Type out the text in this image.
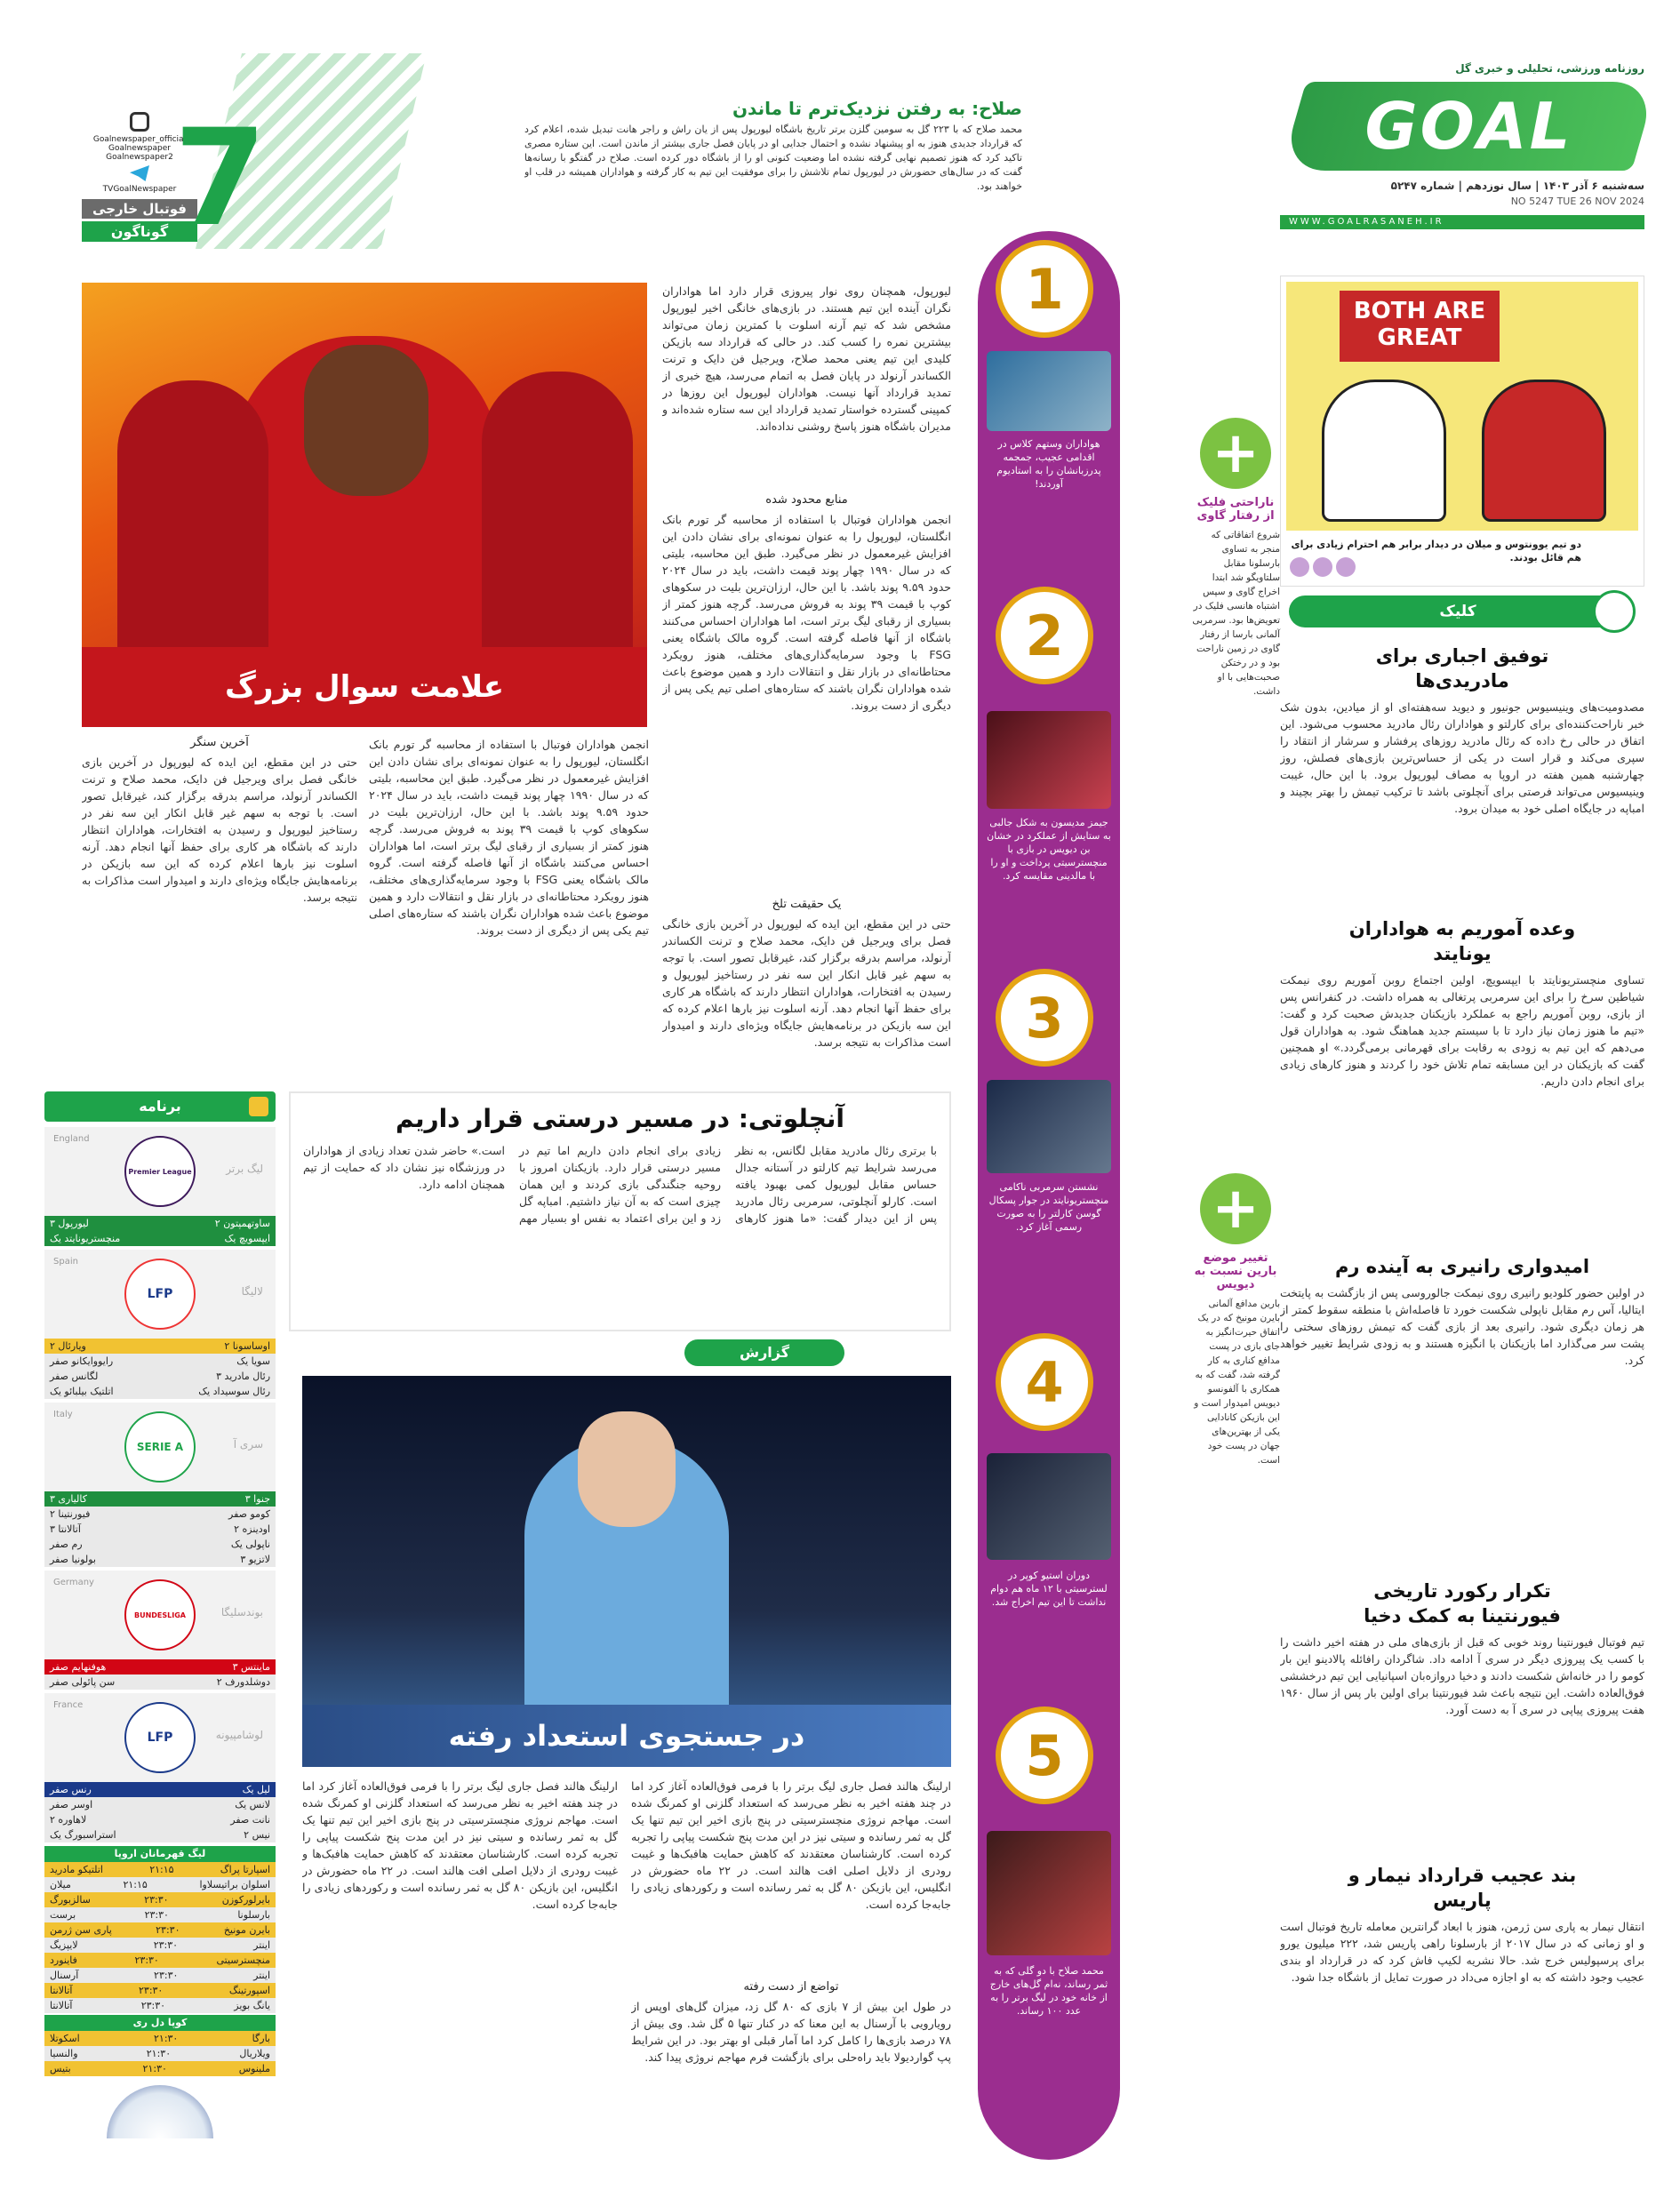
روزنامه ورزشی، تحلیلی و خبری گل
GOAL
سه‌شنبه ۶ آذر ۱۴۰۳ | سال نوزدهم | شماره ۵۲۴۷
NO 5247 TUE 26 NOV 2024
WWW.GOALRASANEH.IR
صلاح: به رفتن نزدیک‌ترم تا ماندن
محمد صلاح که با ۲۲۳ گل به سومین گلزن برتر تاریخ باشگاه لیورپول پس از یان راش و راجر هانت تبدیل شده، اعلام کرد که قرارداد جدیدی هنوز به او پیشنهاد نشده و احتمال جدایی او در پایان فصل جاری بیشتر از ماندن است. این ستاره مصری تاکید کرد که هنوز تصمیم نهایی گرفته نشده اما وضعیت کنونی او را از باشگاه دور کرده است. صلاح در گفتگو با رسانه‌ها گفت که در سال‌های حضورش در لیورپول تمام تلاشش را برای موفقیت این تیم به کار گرفته و هواداران همیشه در قلب او خواهند بود.
Goalnewspaper_official
Goalnewspaper
Goalnewspaper2
TVGoalNewspaper
فوتبال خارجی
گوناگون 7
BOTH ARE GREAT
دو تیم یوونتوس و میلان در دیدار برابر هم احترام زیادی برای هم قائل بودند.
کلیک
توفیق اجباری برای مادریدی‌ها
مصدومیت‌های وینیسیوس جونیور و دیوید سه‌هفته‌ای او از میادین، بدون شک خبر ناراحت‌کننده‌ای برای کارلتو و هواداران رئال مادرید محسوب می‌شود. این اتفاق در حالی رخ داده که رئال مادرید روزهای پرفشار و سرشار از انتقاد را سپری می‌کند و قرار است در یکی از حساس‌ترین بازی‌های فصلش، روز چهارشنبه همین هفته در اروپا به مصاف لیورپول برود. با این حال، غیبت وینیسیوس می‌تواند فرصتی برای آنچلوتی باشد تا ترکیب تیمش را بهتر بچیند و امباپه در جایگاه اصلی خود به میدان برود.
وعده آموریم به هواداران یونایتد
تساوی منچستریونایتد با ایپسویچ، اولین اجتماع روبن آموریم روی نیمکت شیاطین سرخ را برای این سرمربی پرتغالی به همراه داشت. در کنفرانس پس از بازی، روبن آموریم راجع به عملکرد بازیکنان جدیدش صحبت کرد و گفت: «تیم ما هنوز زمان نیاز دارد تا با سیستم جدید هماهنگ شود. به هواداران قول می‌دهم که این تیم به زودی به رقابت برای قهرمانی برمی‌گردد.» او همچنین گفت که بازیکنان در این مسابقه تمام تلاش خود را کردند و هنوز کارهای زیادی برای انجام دادن داریم.
امیدواری رانیری به آینده رم
در اولین حضور کلودیو رانیری روی نیمکت جالوروسی پس از بازگشت به پایتخت ایتالیا، آس رم مقابل ناپولی شکست خورد تا فاصله‌اش با منطقه سقوط کمتر از هر زمان دیگری شود. رانیری بعد از بازی گفت که تیمش روزهای سختی را پشت سر می‌گذارد اما بازیکنان با انگیزه هستند و به زودی شرایط تغییر خواهد کرد.
تکرار رکورد تاریخی فیورنتینا به کمک دخیا
تیم فوتبال فیورنتینا روند خوبی که قبل از بازی‌های ملی در هفته اخیر داشت را با کسب یک پیروزی دیگر در سری آ ادامه داد. شاگردان رافائله پالادینو این بار کومو را در خانه‌اش شکست دادند و دخیا دروازه‌بان اسپانیایی این تیم درخششی فوق‌العاده داشت. این نتیجه باعث شد فیورنتینا برای اولین بار پس از سال ۱۹۶۰ هفت پیروزی پیاپی در سری آ به دست آورد.
بند عجیب قرارداد نیمار و پاریس
انتقال نیمار به پاری سن ژرمن، هنوز با ابعاد گرانترین معامله تاریخ فوتبال است و او زمانی که در سال ۲۰۱۷ از بارسلونا راهی پاریس شد، ۲۲۲ میلیون یورو برای پرسپولیس خرج شد. حالا نشریه لکیپ فاش کرد که در قرارداد او بندی عجیب وجود داشته که به او اجازه می‌داد در صورت تمایل از باشگاه جدا شود.
1
هواداران وستهم کلاس در اقدامی عجیب، جمجمه پدرزبانشان را به استادیوم آوردند!
2
جیمز مدیسون به شکل جالبی به ستایش از عملکرد در خشان بن دیویس در بازی با منچسترسیتی پرداخت و او را با مالدینی مقایسه کرد.
3
نشستن سرمربی ناکامی منچستریونایتد در جوار پسکال گوسن کارلتر را به صورت رسمی آغاز کرد.
4
دوران استیو کوپر در لسترسیتی با ۱۲ ماه هم دوام نداشت تا این تیم اخراج شد.
5
محمد صلاح با دو گلی که به ثمر رساند، نه‌ام گل‌های خارج از خانه خود در لیگ برتر را به عدد ۱۰۰ رساند.
+
ناراحتی فلیک از رفتار گاوی
شروع اتفاقاتی که منجر به تساوی بارسلونا مقابل سلتاویگو شد ابتدا اخراج گاوی و سپس اشتباه هانسی فلیک در تعویض‌ها بود. سرمربی آلمانی بارسا از رفتار گاوی در زمین ناراحت بود و در رختکن صحبت‌هایی با او داشت.
+
تغییر موضع بارین نسبت به دیویس
بارین مدافع آلمانی بایرن مونیخ که در یک اتفاق حیرت‌انگیز به جای بازی در پست مدافع کناری به کار گرفته شد، گفت که به همکاری با آلفونسو دیویس امیدوار است و این بازیکن کانادایی یکی از بهترین‌های جهان در پست خود است.
علامت سوال بزرگ
لیورپول، همچنان روی نوار پیروزی قرار دارد اما هواداران نگران آینده این تیم هستند. در بازی‌های خانگی اخیر لیورپول مشخص شد که تیم آرنه اسلوت با کمترین زمان می‌تواند بیشترین نمره را کسب کند. در حالی که قرارداد سه بازیکن کلیدی این تیم یعنی محمد صلاح، ویرجیل فن دایک و ترنت الکساندر آرنولد در پایان فصل به اتمام می‌رسد، هیچ خبری از تمدید قرارداد آنها نیست. هواداران لیورپول این روزها در کمپینی گسترده خواستار تمدید قرارداد این سه ستاره شده‌اند و مدیران باشگاه هنوز پاسخ روشنی نداده‌اند.
منابع محدود شده
انجمن هواداران فوتبال با استفاده از محاسبه گر تورم بانک انگلستان، لیورپول را به عنوان نمونه‌ای برای نشان دادن این افزایش غیرمعمول در نظر می‌گیرد. طبق این محاسبه، بلیتی که در سال ۱۹۹۰ چهار پوند قیمت داشت، باید در سال ۲۰۲۴ حدود ۹.۵۹ پوند باشد. با این حال، ارزان‌ترین بلیت در سکوهای کوپ با قیمت ۳۹ پوند به فروش می‌رسد. گرچه هنوز کمتر از بسیاری از رقبای لیگ برتر است، اما هواداران احساس می‌کنند باشگاه از آنها فاصله گرفته است. گروه مالک باشگاه یعنی FSG با وجود سرمایه‌گذاری‌های مختلف، هنوز رویکرد محتاطانه‌ای در بازار نقل و انتقالات دارد و همین موضوع باعث شده هواداران نگران باشند که ستاره‌های اصلی تیم یکی پس از دیگری از دست بروند.
یک حقیقت تلخ
حتی در این مقطع، این ایده که لیورپول در آخرین بازی خانگی فصل برای ویرجیل فن دایک، محمد صلاح و ترنت الکساندر آرنولد، مراسم بدرقه برگزار کند، غیرقابل تصور است. با توجه به سهم غیر قابل انکار این سه نفر در رستاخیز لیورپول و رسیدن به افتخارات، هواداران انتظار دارند که باشگاه هر کاری برای حفظ آنها انجام دهد. آرنه اسلوت نیز بارها اعلام کرده که این سه بازیکن در برنامه‌هایش جایگاه ویژه‌ای دارند و امیدوار است مذاکرات به نتیجه برسد.
انجمن هواداران فوتبال با استفاده از محاسبه گر تورم بانک انگلستان، لیورپول را به عنوان نمونه‌ای برای نشان دادن این افزایش غیرمعمول در نظر می‌گیرد. طبق این محاسبه، بلیتی که در سال ۱۹۹۰ چهار پوند قیمت داشت، باید در سال ۲۰۲۴ حدود ۹.۵۹ پوند باشد. با این حال، ارزان‌ترین بلیت در سکوهای کوپ با قیمت ۳۹ پوند به فروش می‌رسد. گرچه هنوز کمتر از بسیاری از رقبای لیگ برتر است، اما هواداران احساس می‌کنند باشگاه از آنها فاصله گرفته است. گروه مالک باشگاه یعنی FSG با وجود سرمایه‌گذاری‌های مختلف، هنوز رویکرد محتاطانه‌ای در بازار نقل و انتقالات دارد و همین موضوع باعث شده هواداران نگران باشند که ستاره‌های اصلی تیم یکی پس از دیگری از دست بروند.
آخرین سنگر
حتی در این مقطع، این ایده که لیورپول در آخرین بازی خانگی فصل برای ویرجیل فن دایک، محمد صلاح و ترنت الکساندر آرنولد، مراسم بدرقه برگزار کند، غیرقابل تصور است. با توجه به سهم غیر قابل انکار این سه نفر در رستاخیز لیورپول و رسیدن به افتخارات، هواداران انتظار دارند که باشگاه هر کاری برای حفظ آنها انجام دهد. آرنه اسلوت نیز بارها اعلام کرده که این سه بازیکن در برنامه‌هایش جایگاه ویژه‌ای دارند و امیدوار است مذاکرات به نتیجه برسد.
آنچلوتی: در مسیر درستی قرار داریم
با برتری رئال مادرید مقابل لگانس، به نظر می‌رسد شرایط تیم کارلتو در آستانه جدال حساس مقابل لیورپول کمی بهبود یافته است. کارلو آنچلوتی، سرمربی رئال مادرید پس از این دیدار گفت: «ما هنوز کارهای زیادی برای انجام دادن داریم اما تیم در مسیر درستی قرار دارد. بازیکنان امروز با روحیه جنگندگی بازی کردند و این همان چیزی است که به آن نیاز داشتیم. امباپه گل زد و این برای اعتماد به نفس او بسیار مهم است.» حاضر شدن تعداد زیادی از هواداران در ورزشگاه نیز نشان داد که حمایت از تیم همچنان ادامه دارد.
گزارش
در جستجوی استعداد رفته
ارلینگ هالند فصل جاری لیگ برتر را با فرمی فوق‌العاده آغاز کرد اما در چند هفته اخیر به نظر می‌رسد که استعداد گلزنی او کمرنگ شده است. مهاجم نروژی منچسترسیتی در پنج بازی اخیر این تیم تنها یک گل به ثمر رسانده و سیتی نیز در این مدت پنج شکست پیاپی را تجربه کرده است. کارشناسان معتقدند که کاهش حمایت هافبک‌ها و غیبت رودری از دلایل اصلی افت هالند است. در ۲۲ ماه حضورش در انگلیس، این بازیکن ۸۰ گل به ثمر رسانده است و رکوردهای زیادی را جابه‌جا کرده است.
تواضع از دست رفته
در طول این بیش از ۷ بازی که ۸۰ گل زد، میزان گل‌های اوپس از رویارویی با آرسنال به این معنا که در کنار تنها ۵ گل شد. وی بیش از ۷۸ درصد بازی‌ها را کامل کرد اما آمار قبلی او بهتر بود. در این شرایط پپ گواردیولا باید راه‌حلی برای بازگشت فرم مهاجم نروژی پیدا کند.
ارلینگ هالند فصل جاری لیگ برتر را با فرمی فوق‌العاده آغاز کرد اما در چند هفته اخیر به نظر می‌رسد که استعداد گلزنی او کمرنگ شده است. مهاجم نروژی منچسترسیتی در پنج بازی اخیر این تیم تنها یک گل به ثمر رسانده و سیتی نیز در این مدت پنج شکست پیاپی را تجربه کرده است. کارشناسان معتقدند که کاهش حمایت هافبک‌ها و غیبت رودری از دلایل اصلی افت هالند است. در ۲۲ ماه حضورش در انگلیس، این بازیکن ۸۰ گل به ثمر رسانده است و رکوردهای زیادی را جابه‌جا کرده است.
برنامه
England
لیگ برتر
Premier League
ساوتهمپتون ۲
لیورپول ۳
ایپسویچ یک
منچستریونایتد یک
Spain
لالیگا
LFP
اوساسونا ۲
ویارئال ۲
سویا یک
رایووایکانو صفر
رئال مادرید ۳
لگانس صفر
رئال سوسیداد یک
اتلتیک بیلبائو یک
Italy
سری آ
SERIE A
جنوا ۳
کالیاری ۳
کومو صفر
فیورنتینا ۲
اودینزه ۲
آتالانتا ۳
ناپولی یک
رم صفر
لاتزیو ۳
بولونیا صفر
Germany
بوندسلیگا
BUNDESLIGA
ماینتس ۳
هوفنهایم صفر
دوشلدورف ۲
سن پائولی صفر
France
لوشامپیونه
LFP
لیل یک
رنس صفر
لانس یک
اوسر صفر
نانت صفر
لاهاوره ۲
نیس ۲
استراسبورگ یک
لیگ قهرمانان اروپا
اسپارتا پراگ
۲۱:۱۵
اتلتیکو مادرید
اسلوان براتیسلاوا
۲۱:۱۵
میلان
بایرلورکوزن
۲۳:۳۰
سالزبورگ
بارسلونا
۲۳:۳۰
برست
بایرن مونیخ
۲۳:۳۰
پاری سن ژرمن
اینتر
۲۳:۳۰
لایپزیگ
منچسترسیتی
۲۳:۳۰
فاینورد
اینتر
۲۳:۳۰
آرسنال
اسپورتینگ
۲۳:۳۰
آتالانتا
یانگ بویز
۲۳:۳۰
آتالانتا
کوپا دل ری
بارگا
۲۱:۳۰
اسکوتلا
ویلاریال
۲۱:۳۰
والنسیا
ملینوس
۲۱:۳۰
بتیس
